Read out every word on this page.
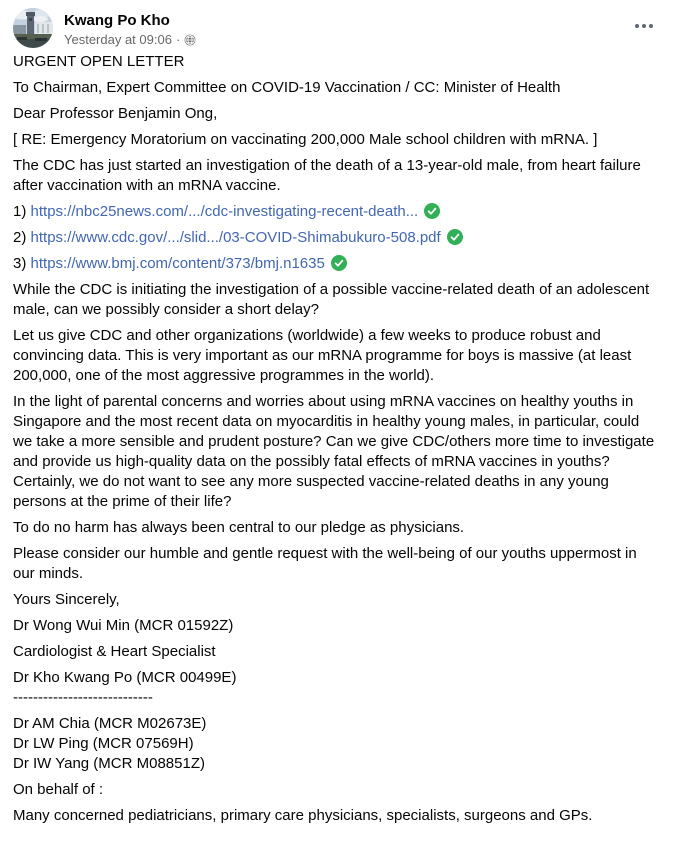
Kwang Po Kho
Yesterday at 09:06 ·

URGENT OPEN LETTER

To Chairman, Expert Committee on COVID-19 Vaccination / CC: Minister of Health

Dear Professor Benjamin Ong,

[ RE: Emergency Moratorium on vaccinating 200,000 Male school children with mRNA. ]

The CDC has just started an investigation of the death of a 13-year-old male, from heart failure after vaccination with an mRNA vaccine.

1) https://nbc25news.com/.../cdc-investigating-recent-death...

2) https://www.cdc.gov/.../slid.../03-COVID-Shimabukuro-508.pdf

3) https://www.bmj.com/content/373/bmj.n1635

While the CDC is initiating the investigation of a possible vaccine-related death of an adolescent male, can we possibly consider a short delay?

Let us give CDC and other organizations (worldwide) a few weeks to produce robust and convincing data. This is very important as our mRNA programme for boys is massive (at least 200,000, one of the most aggressive programmes in the world).

In the light of parental concerns and worries about using mRNA vaccines on healthy youths in Singapore and the most recent data on myocarditis in healthy young males, in particular, could we take a more sensible and prudent posture? Can we give CDC/others more time to investigate and provide us high-quality data on the possibly fatal effects of mRNA vaccines in youths? Certainly, we do not want to see any more suspected vaccine-related deaths in any young persons at the prime of their life?

To do no harm has always been central to our pledge as physicians.

Please consider our humble and gentle request with the well-being of our youths uppermost in our minds.

Yours Sincerely,

Dr Wong Wui Min (MCR 01592Z)

Cardiologist & Heart Specialist

Dr Kho Kwang Po (MCR 00499E)
----------------------------

Dr AM Chia (MCR M02673E)
Dr LW Ping (MCR 07569H)
Dr IW Yang (MCR M08851Z)

On behalf of :

Many concerned pediatricians, primary care physicians, specialists, surgeons and GPs.
